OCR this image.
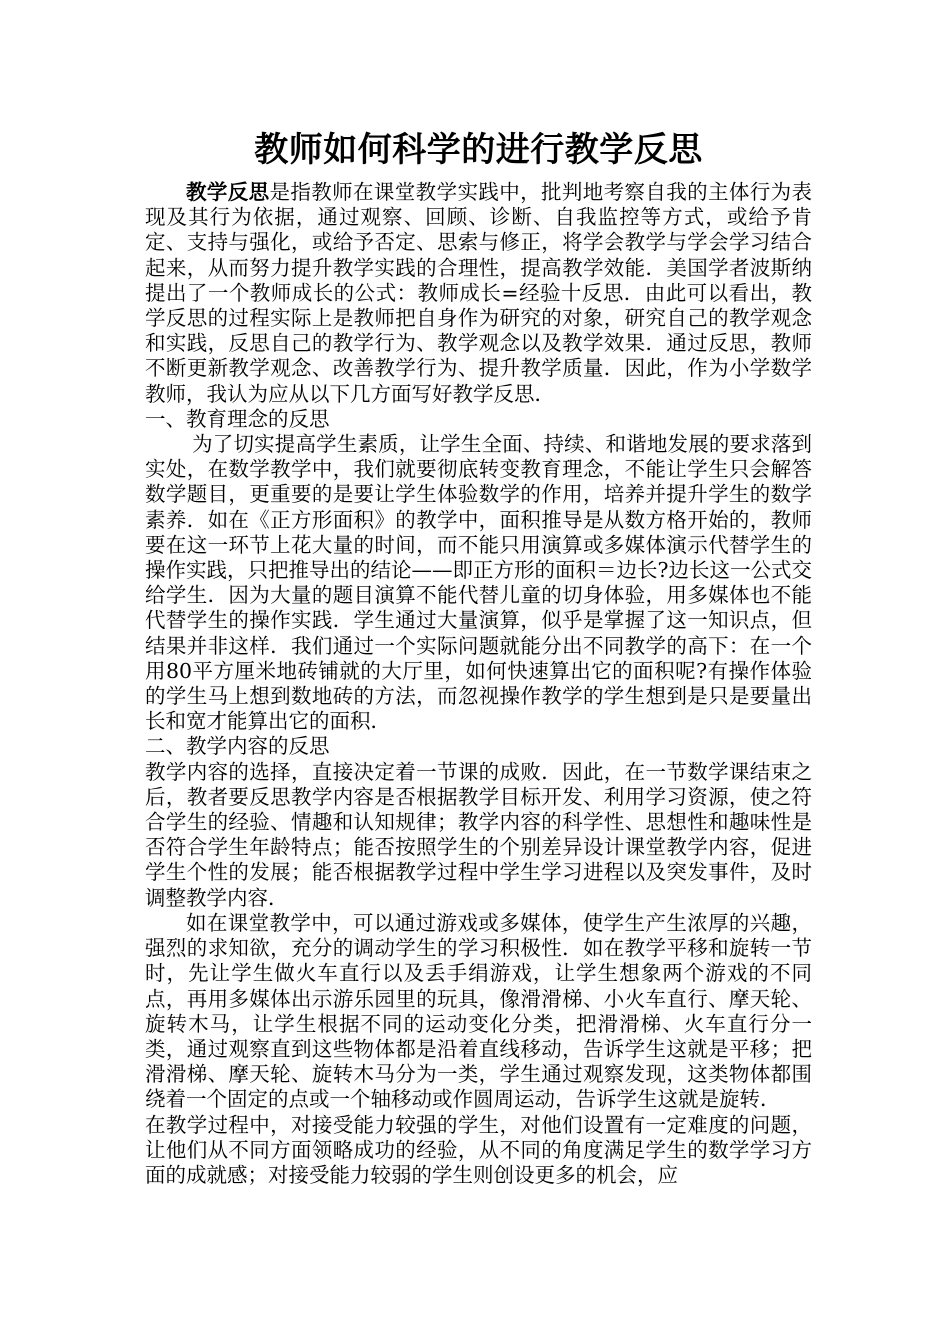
教师如何科学的进行教学反思

教学反思是指教师在课堂教学实践中，批判地考察自我的主体行为表现及其行为依据，通过观察、回顾、诊断、自我监控等方式，或给予肯定、支持与强化，或给予否定、思索与修正，将学会教学与学会学习结合起来，从而努力提升教学实践的合理性，提高教学效能．美国学者波斯纳提出了一个教师成长的公式：教师成长=经验十反思．由此可以看出，教学反思的过程实际上是教师把自身作为研究的对象，研究自己的教学观念和实践，反思自己的教学行为、教学观念以及教学效果．通过反思，教师不断更新教学观念、改善教学行为、提升教学质量．因此，作为小学数学教师，我认为应从以下几方面写好教学反思．

一、教育理念的反思

为了切实提高学生素质，让学生全面、持续、和谐地发展的要求落到实处，在数学教学中，我们就要彻底转变教育理念，不能让学生只会解答数学题目，更重要的是要让学生体验数学的作用，培养并提升学生的数学素养．如在《正方形面积》的教学中，面积推导是从数方格开始的，教师要在这一环节上花大量的时间，而不能只用演算或多媒体演示代替学生的操作实践，只把推导出的结论——即正方形的面积＝边长?边长这一公式交给学生．因为大量的题目演算不能代替儿童的切身体验，用多媒体也不能代替学生的操作实践．学生通过大量演算，似乎是掌握了这一知识点，但结果并非这样．我们通过一个实际问题就能分出不同教学的高下：在一个用80平方厘米地砖铺就的大厅里，如何快速算出它的面积呢?有操作体验的学生马上想到数地砖的方法，而忽视操作教学的学生想到是只是要量出长和宽才能算出它的面积．

二、教学内容的反思

教学内容的选择，直接决定着一节课的成败．因此，在一节数学课结束之后，教者要反思教学内容是否根据教学目标开发、利用学习资源，使之符合学生的经验、情趣和认知规律；教学内容的科学性、思想性和趣味性是否符合学生年龄特点；能否按照学生的个别差异设计课堂教学内容，促进学生个性的发展；能否根据教学过程中学生学习进程以及突发事件，及时调整教学内容．

如在课堂教学中，可以通过游戏或多媒体，使学生产生浓厚的兴趣，强烈的求知欲，充分的调动学生的学习积极性．如在教学平移和旋转一节时，先让学生做火车直行以及丢手绢游戏，让学生想象两个游戏的不同点，再用多媒体出示游乐园里的玩具，像滑滑梯、小火车直行、摩天轮、旋转木马，让学生根据不同的运动变化分类，把滑滑梯、火车直行分一类，通过观察直到这些物体都是沿着直线移动，告诉学生这就是平移；把滑滑梯、摩天轮、旋转木马分为一类，学生通过观察发现，这类物体都围绕着一个固定的点或一个轴移动或作圆周运动，告诉学生这就是旋转．

在教学过程中，对接受能力较强的学生，对他们设置有一定难度的问题，让他们从不同方面领略成功的经验，从不同的角度满足学生的数学学习方面的成就感；对接受能力较弱的学生则创设更多的机会，应
